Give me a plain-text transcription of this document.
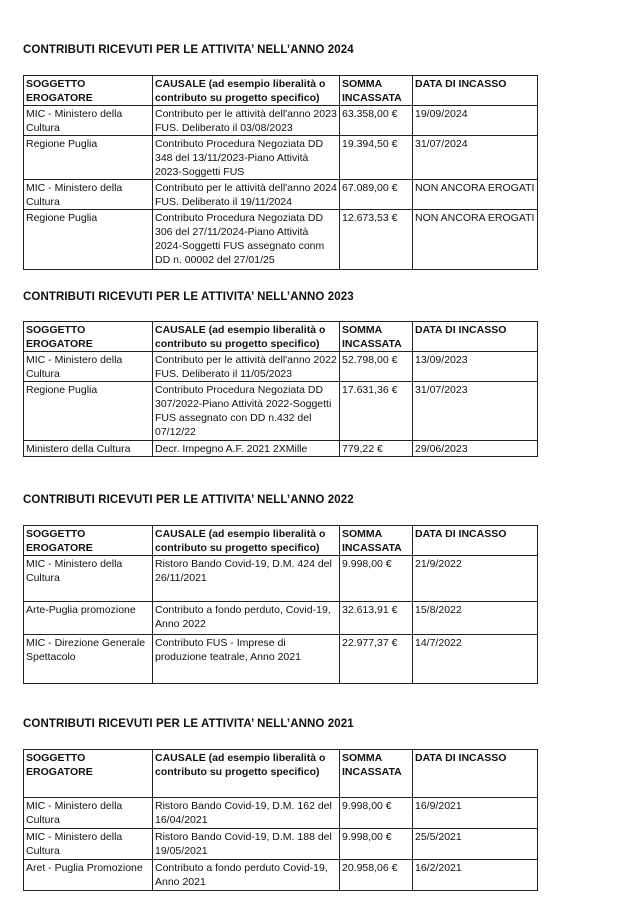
CONTRIBUTI RICEVUTI PER LE ATTIVITA’ NELL’ANNO 2024
SOGGETTO EROGATORE	CAUSALE (ad esempio liberalità o contributo su progetto specifico)	SOMMA INCASSATA	DATA DI INCASSO
MIC - Ministero della Cultura	Contributo per le attività dell'anno 2023 FUS. Deliberato il 03/08/2023	63.358,00 €	19/09/2024
Regione Puglia	Contributo Procedura Negoziata DD 348 del 13/11/2023-Piano Attività 2023-Soggetti FUS	19.394,50 €	31/07/2024
MIC - Ministero della Cultura	Contributo per le attività dell'anno 2024 FUS. Deliberato il 19/11/2024	67.089,00 €	NON ANCORA EROGATI
Regione Puglia	Contributo Procedura Negoziata DD 306 del 27/11/2024-Piano Attività 2024-Soggetti FUS assegnato conm DD n. 00002 del 27/01/25	12.673,53 €	NON ANCORA EROGATI
CONTRIBUTI RICEVUTI PER LE ATTIVITA’ NELL’ANNO 2023
SOGGETTO EROGATORE	CAUSALE (ad esempio liberalità o contributo su progetto specifico)	SOMMA INCASSATA	DATA DI INCASSO
MIC - Ministero della Cultura	Contributo per le attività dell'anno 2022 FUS. Deliberato il 11/05/2023	52.798,00 €	13/09/2023
Regione Puglia	Contributo Procedura Negoziata DD 307/2022-Piano Attività 2022-Soggetti FUS assegnato con DD n.432 del 07/12/22	17.631,36 €	31/07/2023
Ministero della Cultura	Decr. Impegno A.F. 2021 2XMille	779,22 €	29/06/2023
CONTRIBUTI RICEVUTI PER LE ATTIVITA’ NELL’ANNO 2022
SOGGETTO EROGATORE	CAUSALE (ad esempio liberalità o contributo su progetto specifico)	SOMMA INCASSATA	DATA DI INCASSO
MIC - Ministero della Cultura	Ristoro Bando Covid-19, D.M. 424 del 26/11/2021	9.998,00 €	21/9/2022
Arte-Puglia promozione	Contributo a fondo perduto, Covid-19, Anno 2022	32.613,91 €	15/8/2022
MIC - Direzione Generale Spettacolo	Contributo FUS - Imprese di produzione teatrale, Anno 2021	22.977,37 €	14/7/2022
CONTRIBUTI RICEVUTI PER LE ATTIVITA’ NELL’ANNO 2021
SOGGETTO EROGATORE	CAUSALE (ad esempio liberalità o contributo su progetto specifico)	SOMMA INCASSATA	DATA DI INCASSO
MIC - Ministero della Cultura	Ristoro Bando Covid-19, D.M. 162 del 16/04/2021	9.998,00 €	16/9/2021
MIC - Ministero della Cultura	Ristoro Bando Covid-19, D.M. 188 del 19/05/2021	9.998,00 €	25/5/2021
Aret - Puglia Promozione	Contributo a fondo perduto Covid-19, Anno 2021	20.958,06 €	16/2/2021
